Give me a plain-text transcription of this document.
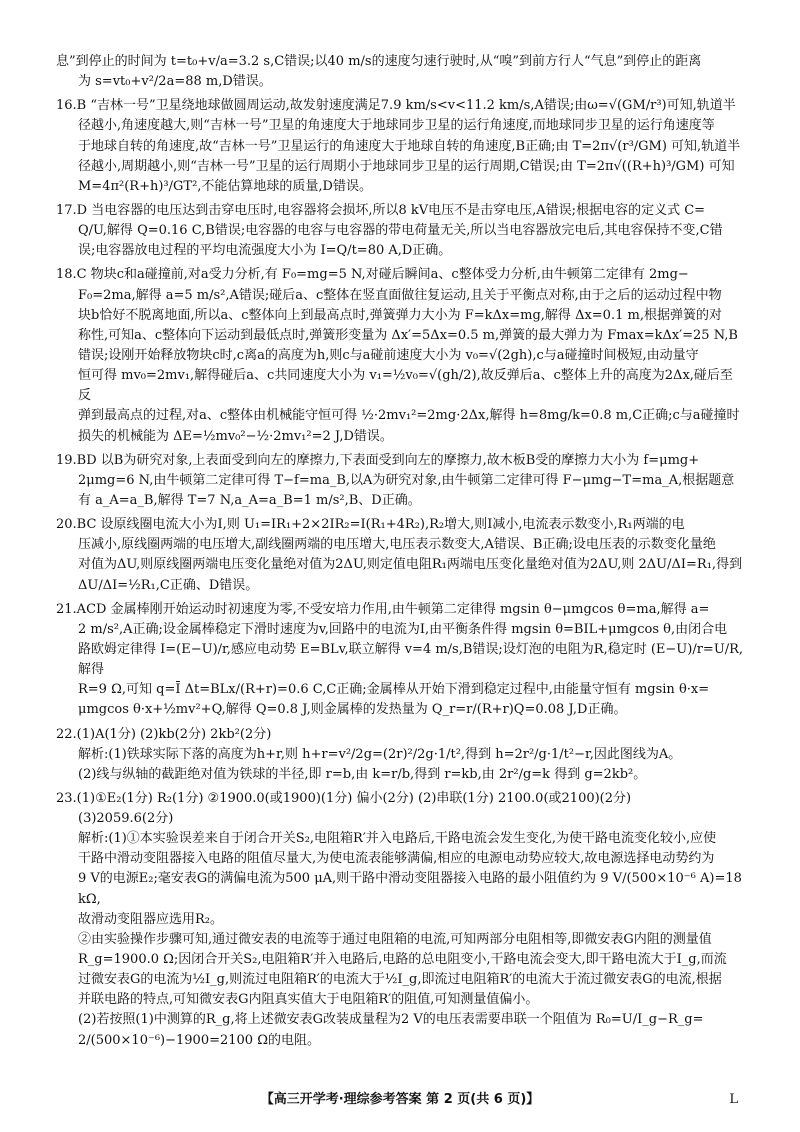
息”到停止的时间为 t=t₀+v/a=3.2 s,C错误;以40 m/s的速度匀速行驶时,从“嗅”到前方行人“气息”到停止的距离

为 s=vt₀+v²/2a=88 m,D错误。

16.B “吉林一号”卫星绕地球做圆周运动,故发射速度满足7.9 km/s<v<11.2 km/s,A错误;由ω=√(GM/r³)可知,轨道半

径越小,角速度越大,则“吉林一号”卫星的角速度大于地球同步卫星的运行角速度,而地球同步卫星的运行角速度等

于地球自转的角速度,故“吉林一号”卫星运行的角速度大于地球自转的角速度,B正确;由 T=2π√(r³/GM) 可知,轨道半

径越小,周期越小,则“吉林一号”卫星的运行周期小于地球同步卫星的运行周期,C错误;由 T=2π√((R+h)³/GM) 可知

M=4π²(R+h)³/GT²,不能估算地球的质量,D错误。

17.D 当电容器的电压达到击穿电压时,电容器将会损坏,所以8 kV电压不是击穿电压,A错误;根据电容的定义式 C=

Q/U,解得 Q=0.16 C,B错误;电容器的电容与电容器的带电荷量无关,所以当电容器放完电后,其电容保持不变,C错

误;电容器放电过程的平均电流强度大小为 I=Q/t=80 A,D正确。

18.C 物块c和a碰撞前,对a受力分析,有 F₀=mg=5 N,对碰后瞬间a、c整体受力分析,由牛顿第二定律有 2mg−

F₀=2ma,解得 a=5 m/s²,A错误;碰后a、c整体在竖直面做往复运动,且关于平衡点对称,由于之后的运动过程中物

块b恰好不脱离地面,所以a、c整体向上到最高点时,弹簧弹力大小为 F=kΔx=mg,解得 Δx=0.1 m,根据弹簧的对

称性,可知a、c整体向下运动到最低点时,弹簧形变量为 Δx′=5Δx=0.5 m,弹簧的最大弹力为 Fmax=kΔx′=25 N,B

错误;设刚开始释放物块c时,c离a的高度为h,则c与a碰前速度大小为 v₀=√(2gh),c与a碰撞时间极短,由动量守

恒可得 mv₀=2mv₁,解得碰后a、c共同速度大小为 v₁=½v₀=√(gh/2),故反弹后a、c整体上升的高度为2Δx,碰后至反

弹到最高点的过程,对a、c整体由机械能守恒可得 ½·2mv₁²=2mg·2Δx,解得 h=8mg/k=0.8 m,C正确;c与a碰撞时

损失的机械能为 ΔE=½mv₀²−½·2mv₁²=2 J,D错误。

19.BD 以B为研究对象,上表面受到向左的摩擦力,下表面受到向左的摩擦力,故木板B受的摩擦力大小为 f=μmg+

2μmg=6 N,由牛顿第二定律可得 T−f=ma_B,以A为研究对象,由牛顿第二定律可得 F−μmg−T=ma_A,根据题意

有 a_A=a_B,解得 T=7 N,a_A=a_B=1 m/s²,B、D正确。

20.BC 设原线圈电流大小为I,则 U₁=IR₁+2×2IR₂=I(R₁+4R₂),R₂增大,则I减小,电流表示数变小,R₁两端的电

压减小,原线圈两端的电压增大,副线圈两端的电压增大,电压表示数变大,A错误、B正确;设电压表的示数变化量绝

对值为ΔU,则原线圈两端电压变化量绝对值为2ΔU,则定值电阻R₁两端电压变化量绝对值为2ΔU,则 2ΔU/ΔI=R₁,得到

ΔU/ΔI=½R₁,C正确、D错误。

21.ACD 金属棒刚开始运动时初速度为零,不受安培力作用,由牛顿第二定律得 mgsin θ−μmgcos θ=ma,解得 a=

2 m/s²,A正确;设金属棒稳定下滑时速度为v,回路中的电流为I,由平衡条件得 mgsin θ=BIL+μmgcos θ,由闭合电

路欧姆定律得 I=(E−U)/r,感应电动势 E=BLv,联立解得 v=4 m/s,B错误;设灯泡的电阻为R,稳定时 (E−U)/r=U/R,解得

R=9 Ω,可知 q=Ī Δt=BLx/(R+r)=0.6 C,C正确;金属棒从开始下滑到稳定过程中,由能量守恒有 mgsin θ·x=

μmgcos θ·x+½mv²+Q,解得 Q=0.8 J,则金属棒的发热量为 Q_r=r/(R+r)Q=0.08 J,D正确。

22.(1)A(1分) (2)kb(2分) 2kb²(2分)

解析:(1)铁球实际下落的高度为h+r,则 h+r=v²/2g=(2r)²/2g·1/t²,得到 h=2r²/g·1/t²−r,因此图线为A。

(2)线与纵轴的截距绝对值为铁球的半径,即 r=b,由 k=r/b,得到 r=kb,由 2r²/g=k 得到 g=2kb²。

23.(1)①E₂(1分) R₂(1分) ②1900.0(或1900)(1分) 偏小(2分) (2)串联(1分) 2100.0(或2100)(2分)

(3)2059.6(2分)

解析:(1)①本实验误差来自于闭合开关S₂,电阻箱R′并入电路后,干路电流会发生变化,为使干路电流变化较小,应使

干路中滑动变阻器接入电路的阻值尽量大,为使电流表能够满偏,相应的电源电动势应较大,故电源选择电动势约为

9 V的电源E₂;毫安表G的满偏电流为500 μA,则干路中滑动变阻器接入电路的最小阻值约为 9 V/(500×10⁻⁶ A)=18 kΩ,

故滑动变阻器应选用R₂。

②由实验操作步骤可知,通过微安表的电流等于通过电阻箱的电流,可知两部分电阻相等,即微安表G内阻的测量值

R_g=1900.0 Ω;因闭合开关S₂,电阻箱R′并入电路后,电路的总电阻变小,干路电流会变大,即干路电流大于I_g,而流

过微安表G的电流为½I_g,则流过电阻箱R′的电流大于½I_g,即流过电阻箱R′的电流大于流过微安表G的电流,根据

并联电路的特点,可知微安表G内阻真实值大于电阻箱R′的阻值,可知测量值偏小。

(2)若按照(1)中测算的R_g,将上述微安表G改装成量程为2 V的电压表需要串联一个阻值为 R₀=U/I_g−R_g=

2/(500×10⁻⁶)−1900=2100 Ω的电阻。

【高三开学考·理综参考答案 第 2 页(共 6 页)】	L
